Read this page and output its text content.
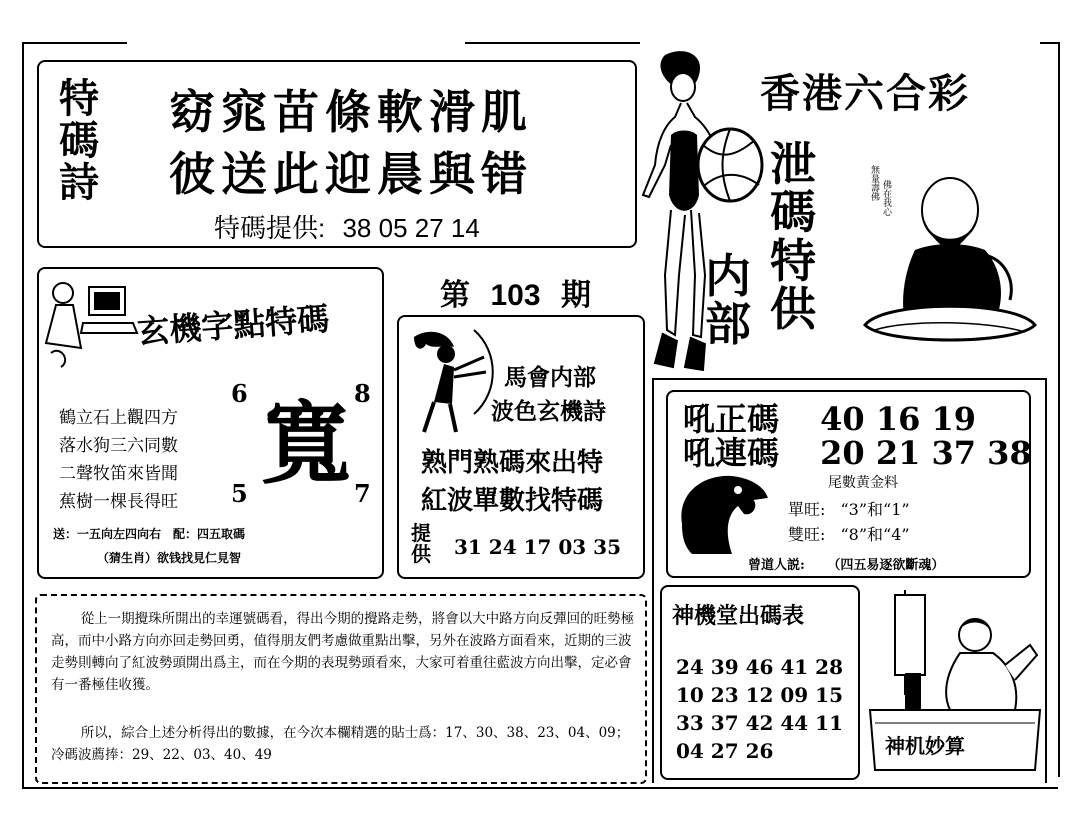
特
碼
詩
窈窕苗條軟滑肌
彼送此迎晨與错
特碼提供: 38 05 27 14
香港六合彩
泄
碼
特
供
内
部
無量壽佛 佛在我心
第 103 期
玄機字點特碼
鶴立石上觀四方
落水狗三六同數
二聲牧笛來皆聞
蕉樹一棵長得旺
寬
6	8
5	7
送：一五向左四向右　配：四五取碼
（猜生肖）欲钱找見仁見智
馬會内部
波色玄機詩
熟門熟碼來出特
紅波單數找特碼
提
供 31 24 17 03 35
吼正碼 40 16 19
吼連碼 20 21 37 38
尾數黄金料
單旺: “3”和“1”
雙旺: “8”和“4”
曾道人説: （四五易逐欲斷魂）
從上一期攪珠所開出的幸運號碼看，得出今期的攪路走勢，將會以大中路方向反彈回的旺勢極高，而中小路方向亦回走勢回勇，值得朋友們考慮做重點出擊，另外在波路方面看來，近期的三波走勢則轉向了紅波勢頭開出爲主，而在今期的表現勢頭看來，大家可着重往藍波方向出擊，定必會有一番極佳收獲。
所以，綜合上述分析得出的數據，在今次本欄精選的貼士爲：17、30、38、23、04、09；冷碼波薦捧：29、22、03、40、49
神機堂出碼表
24 39 46 41 28
10 23 12 09 15
33 37 42 44 11
04 27 26	神机妙算
